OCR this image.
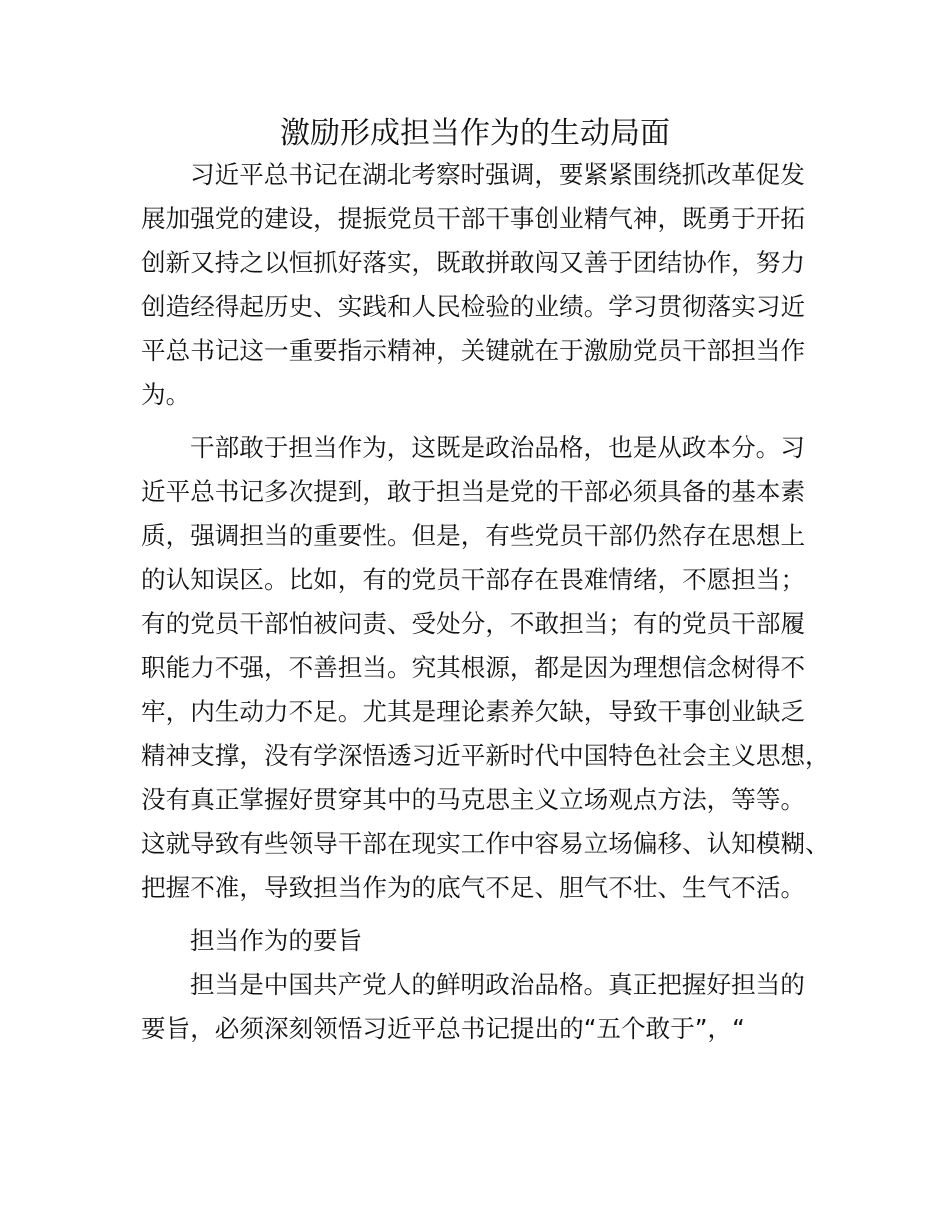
激励形成担当作为的生动局面

习近平总书记在湖北考察时强调，要紧紧围绕抓改革促发
展加强党的建设，提振党员干部干事创业精气神，既勇于开拓
创新又持之以恒抓好落实，既敢拼敢闯又善于团结协作，努力
创造经得起历史、实践和人民检验的业绩。学习贯彻落实习近
平总书记这一重要指示精神，关键就在于激励党员干部担当作
为。

干部敢于担当作为，这既是政治品格，也是从政本分。习
近平总书记多次提到，敢于担当是党的干部必须具备的基本素
质，强调担当的重要性。但是，有些党员干部仍然存在思想上
的认知误区。比如，有的党员干部存在畏难情绪，不愿担当；
有的党员干部怕被问责、受处分，不敢担当；有的党员干部履
职能力不强，不善担当。究其根源，都是因为理想信念树得不
牢，内生动力不足。尤其是理论素养欠缺，导致干事创业缺乏
精神支撑，没有学深悟透习近平新时代中国特色社会主义思想，
没有真正掌握好贯穿其中的马克思主义立场观点方法，等等。
这就导致有些领导干部在现实工作中容易立场偏移、认知模糊、
把握不准，导致担当作为的底气不足、胆气不壮、生气不活。

担当作为的要旨

担当是中国共产党人的鲜明政治品格。真正把握好担当的
要旨，必须深刻领悟习近平总书记提出的“五个敢于”，“
